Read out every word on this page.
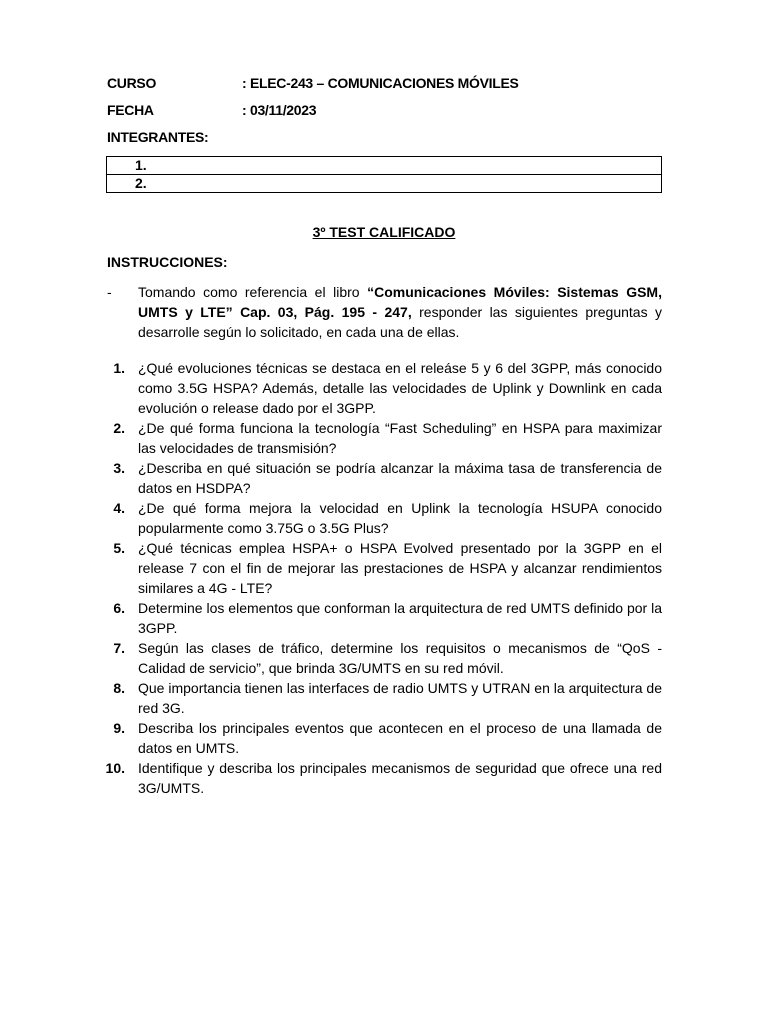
CURSO	: ELEC-243 – COMUNICACIONES MÓVILES
FECHA	: 03/11/2023
INTEGRANTES:
1.
2.
3º TEST CALIFICADO
INSTRUCCIONES:
- Tomando como referencia el libro “Comunicaciones Móviles: Sistemas GSM, UMTS y LTE” Cap. 03, Pág. 195 - 247, responder las siguientes preguntas y desarrolle según lo solicitado, en cada una de ellas.
1. ¿Qué evoluciones técnicas se destaca en el releáse 5 y 6 del 3GPP, más conocido como 3.5G HSPA? Además, detalle las velocidades de Uplink y Downlink en cada evolución o release dado por el 3GPP.
2. ¿De qué forma funciona la tecnología “Fast Scheduling” en HSPA para maximizar las velocidades de transmisión?
3. ¿Describa en qué situación se podría alcanzar la máxima tasa de transferencia de datos en HSDPA?
4. ¿De qué forma mejora la velocidad en Uplink la tecnología HSUPA conocido popularmente como 3.75G o 3.5G Plus?
5. ¿Qué técnicas emplea HSPA+ o HSPA Evolved presentado por la 3GPP en el release 7 con el fin de mejorar las prestaciones de HSPA y alcanzar rendimientos similares a 4G - LTE?
6. Determine los elementos que conforman la arquitectura de red UMTS definido por la 3GPP.
7. Según las clases de tráfico, determine los requisitos o mecanismos de “QoS - Calidad de servicio”, que brinda 3G/UMTS en su red móvil.
8. Que importancia tienen las interfaces de radio UMTS y UTRAN en la arquitectura de red 3G.
9. Describa los principales eventos que acontecen en el proceso de una llamada de datos en UMTS.
10. Identifique y describa los principales mecanismos de seguridad que ofrece una red 3G/UMTS.
